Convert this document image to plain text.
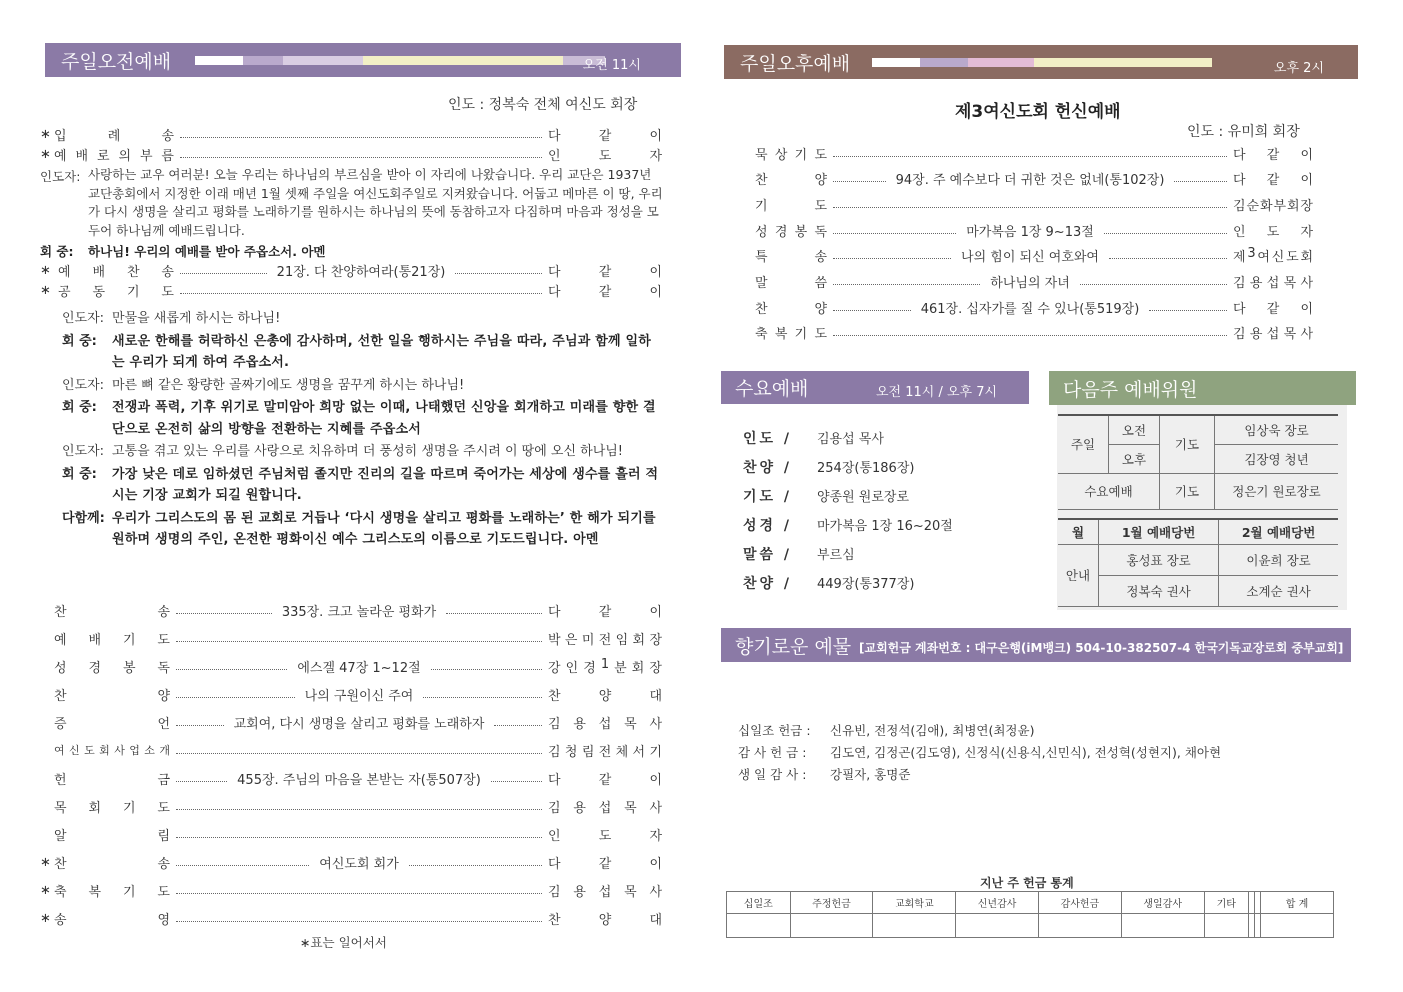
주일오전예배	오전 11시
인도 : 정복숙 전체 여신도 회장
∗ 입	례	송	다	같	이
∗ 예 배 로 의 부 름	인	도	자
인도자: 사랑하는 교우 여러분! 오늘 우리는 하나님의 부르심을 받아 이 자리에 나왔습니다. 우리 교단은 1937년 교단총회에서 지정한 이래 매년 1월 셋째 주일을 여신도회주일로 지켜왔습니다. 어둡고 메마른 이 땅, 우리가 다시 생명을 살리고 평화를 노래하기를 원하시는 하나님의 뜻에 동참하고자 다짐하며 마음과 정성을 모두어 하나님께 예배드립니다.
회 중:	하나님! 우리의 예배를 받아 주옵소서. 아멘
∗ 예 배 찬 송	21장. 다 찬양하여라(통21장)	다	같	이
∗ 공 동 기 도	다	같	이
인도자: 만물을 새롭게 하시는 하나님!
회 중:	새로운 한해를 허락하신 은총에 감사하며, 선한 일을 행하시는 주님을 따라, 주님과 함께 일하는 우리가 되게 하여 주옵소서.
인도자: 마른 뼈 같은 황량한 골짜기에도 생명을 꿈꾸게 하시는 하나님!
회 중:	전쟁과 폭력, 기후 위기로 말미암아 희망 없는 이때, 나태했던 신앙을 회개하고 미래를 향한 결단으로 온전히 삶의 방향을 전환하는 지혜를 주옵소서
인도자: 고통을 겪고 있는 우리를 사랑으로 치유하며 더 풍성히 생명을 주시려 이 땅에 오신 하나님!
회 중:	가장 낮은 데로 임하셨던 주님처럼 졸지만 진리의 길을 따르며 죽어가는 세상에 생수를 흘러 적시는 기장 교회가 되길 원합니다.
다함께: 우리가 그리스도의 몸 된 교회로 거듭나 ‘다시 생명을 살리고 평화를 노래하는’ 한 해가 되기를 원하며 생명의 주인, 온전한 평화이신 예수 그리스도의 이름으로 기도드립니다. 아멘
찬	송	335장. 크고 놀라운 평화가	다	같	이
예 배 기 도	박 은 미 전 임 회 장
성 경 봉 독	에스겔 47장 1~12절	강 인 경 1 분 회 장
찬	양	나의 구원이신 주여	찬	양	대
증	언	교회여, 다시 생명을 살리고 평화를 노래하자	김 용 섭 목 사
여 신 도 회 사 업 소 개	김 청 림 전 체 서 기
헌	금	455장. 주님의 마음을 본받는 자(통507장)	다	같	이
목 회 기 도	김 용 섭 목 사
알	림	인	도	자
∗ 찬	송	여신도회 회가	다	같	이
∗ 축 복 기 도	김 용 섭 목 사
∗ 송	영	찬	양	대
∗표는 일어서서
주일오후예배	오후 2시
제3여신도회 헌신예배
인도 : 유미희 회장
묵 상 기 도	다 같 이
찬	양	94장. 주 예수보다 더 귀한 것은 없네(통102장)	다 같 이
기	도	김 순 화 부 회 장
성 경 봉 독	마가복음 1장 9~13절	인 도 자
특	송	나의 힘이 되신 여호와여	제 3 여 신 도 회
말	씀	하나님의 자녀	김 용 섭 목 사
찬	양	461장. 십자가를 질 수 있나(통519장)	다 같 이
축 복 기 도	김 용 섭 목 사
수요예배	오전 11시 / 오후 7시
인도 /	김용섭 목사
찬양 /	254장(통186장)
기도 /	양종원 원로장로
성경 /	마가복음 1장 16~20절
말씀 /	부르심
찬양 /	449장(통377장)
다음주 예배위원
주일	오전	기도	임상욱 장로
	오후		김장영 청년
수요예배		기도	정은기 원로장로
월	1월 예배당번	2월 예배당번
안내	홍성표 장로	이윤희 장로
	정복숙 권사	소계순 권사
향기로운 예물 [교회헌금 계좌번호 : 대구은행(iM뱅크) 504-10-382507-4 한국기독교장로회 중부교회]
십일조 헌금 : 신유빈, 전정석(김애), 최병연(최정윤)
감 사 헌 금 : 김도연, 김정곤(김도영), 신정식(신용식,신민식), 전성혁(성현지), 채아현
생 일 감 사 : 강필자, 홍명준
지난 주 헌금 통계
십일조	주정헌금	교회학교	신년감사	감사헌금	생일감사	기타			합 계
